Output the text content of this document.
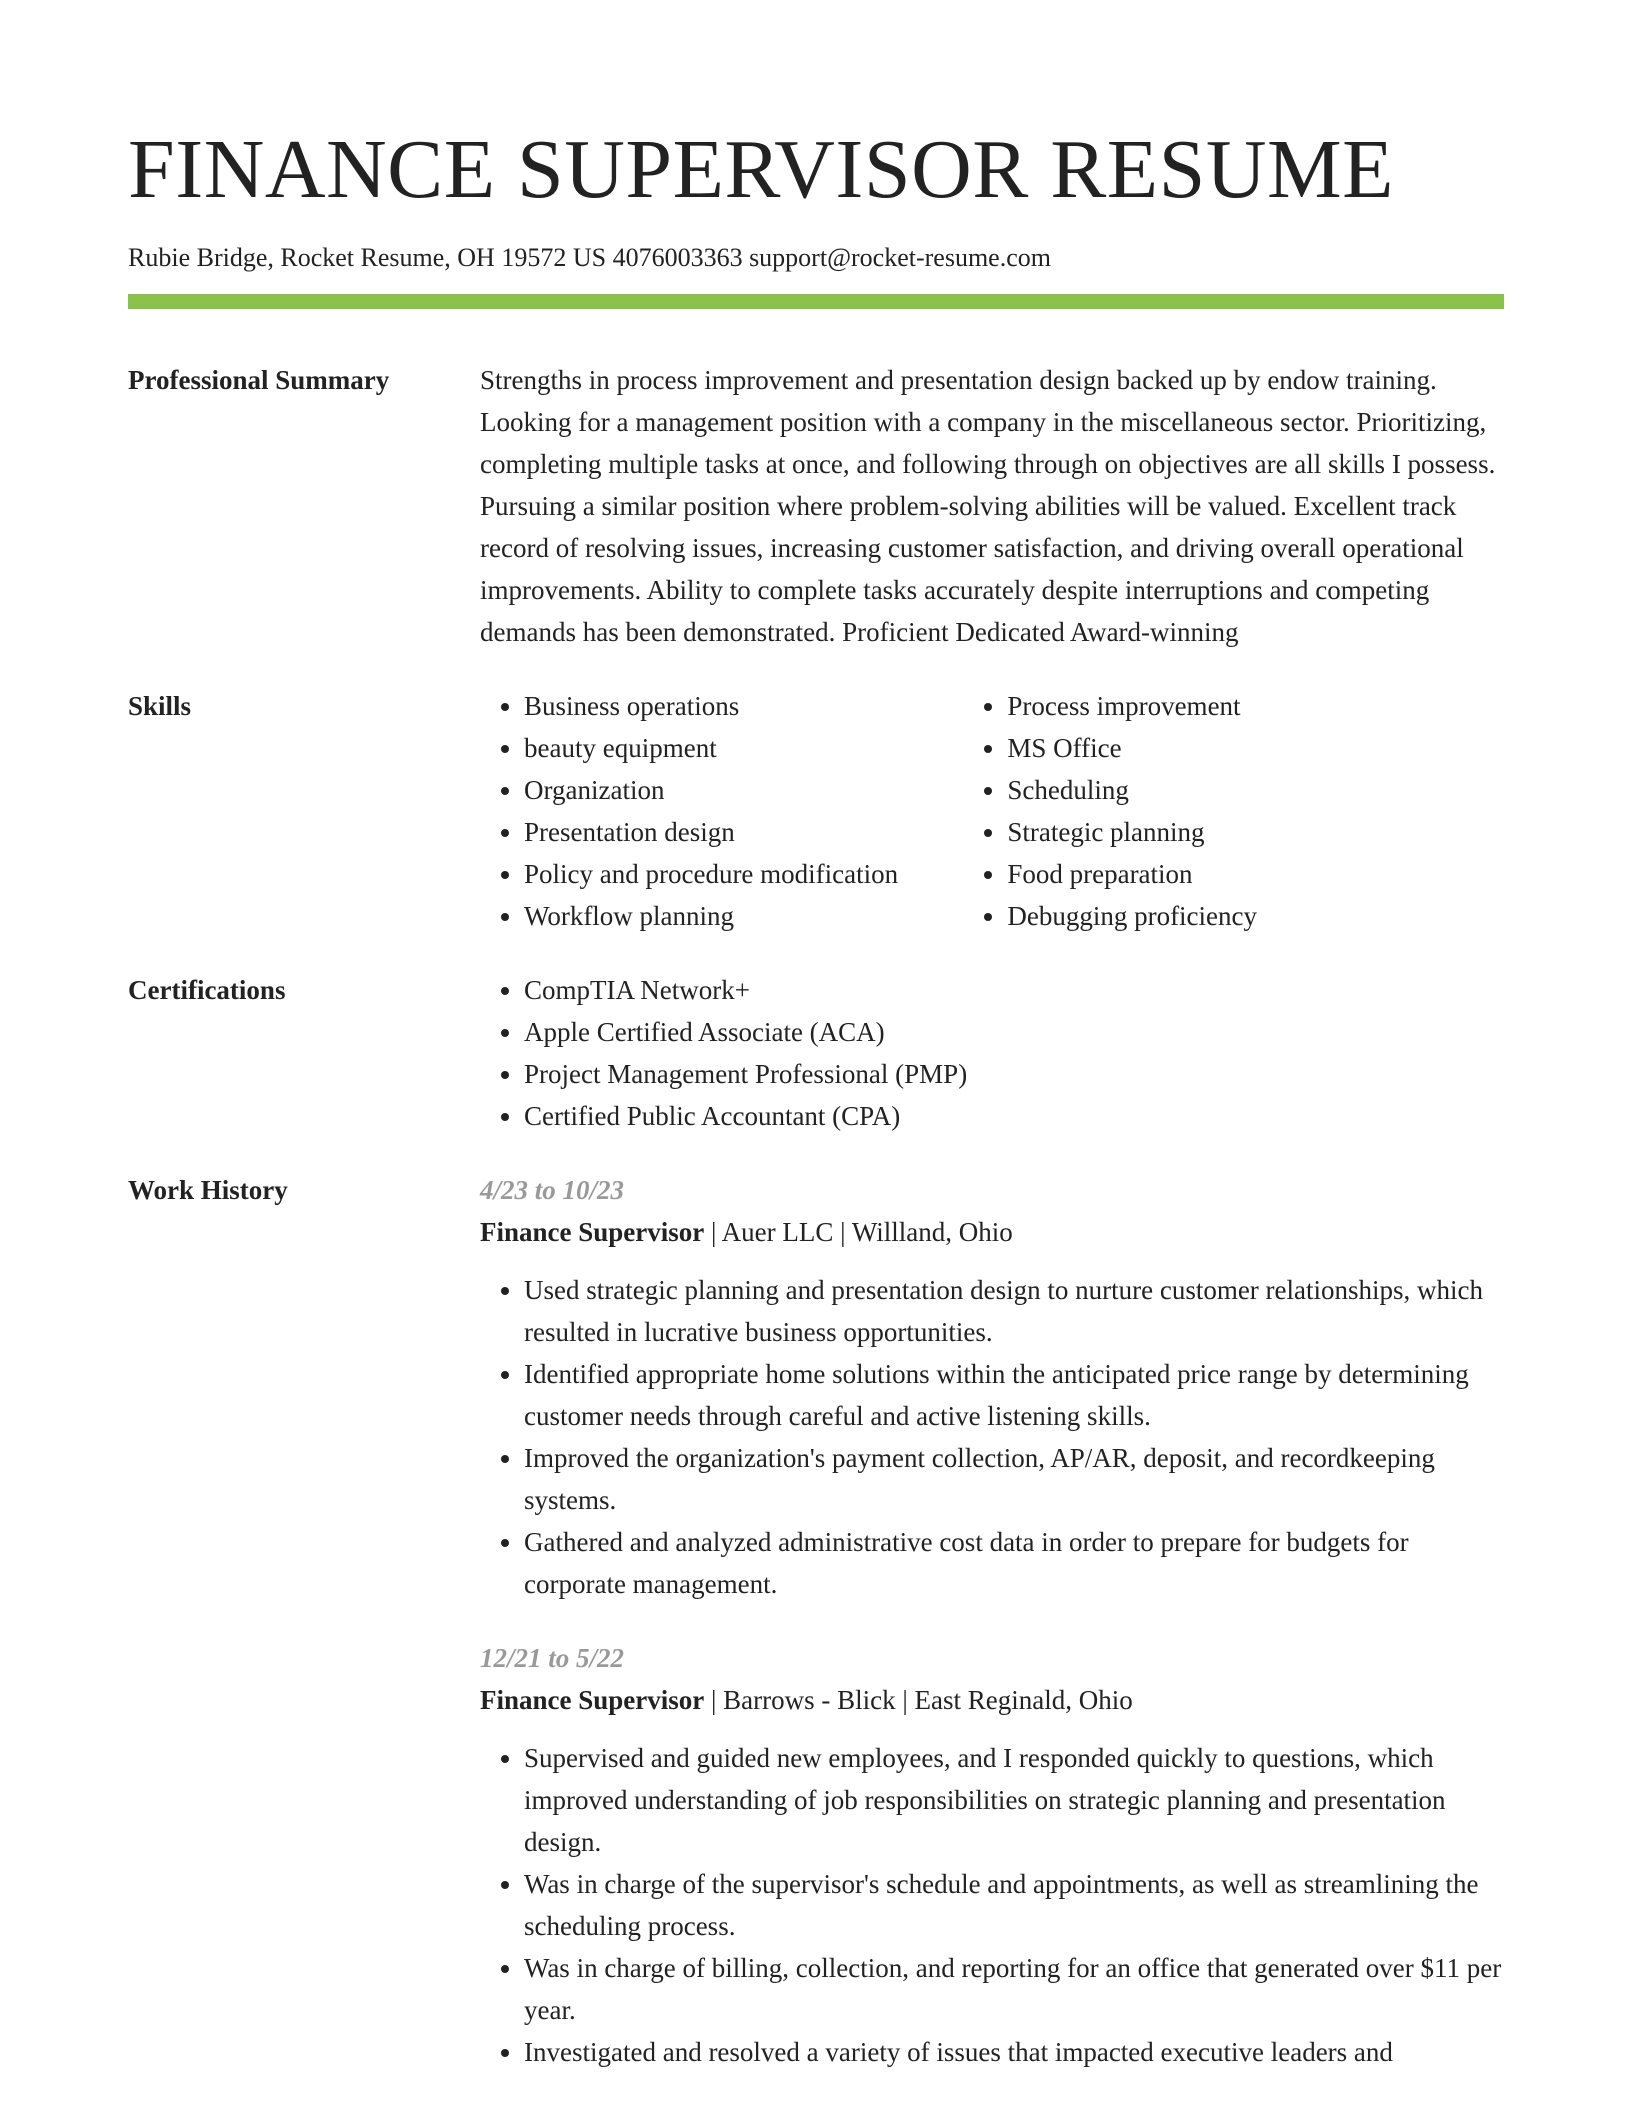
FINANCE SUPERVISOR RESUME
Rubie Bridge, Rocket Resume, OH 19572 US 4076003363 support@rocket-resume.com
Professional Summary	Strengths in process improvement and presentation design backed up by endow training. Looking for a management position with a company in the miscellaneous sector. Prioritizing, completing multiple tasks at once, and following through on objectives are all skills I possess. Pursuing a similar position where problem-solving abilities will be valued. Excellent track record of resolving issues, increasing customer satisfaction, and driving overall operational improvements. Ability to complete tasks accurately despite interruptions and competing demands has been demonstrated. Proficient Dedicated Award-winning
Skills	• Business operations
• beauty equipment
• Organization
• Presentation design
• Policy and procedure modification
• Workflow planning
• Process improvement
• MS Office
• Scheduling
• Strategic planning
• Food preparation
• Debugging proficiency
Certifications	• CompTIA Network+
• Apple Certified Associate (ACA)
• Project Management Professional (PMP)
• Certified Public Accountant (CPA)
Work History	4/23 to 10/23
Finance Supervisor | Auer LLC | Willland, Ohio
• Used strategic planning and presentation design to nurture customer relationships, which resulted in lucrative business opportunities.
• Identified appropriate home solutions within the anticipated price range by determining customer needs through careful and active listening skills.
• Improved the organization's payment collection, AP/AR, deposit, and recordkeeping systems.
• Gathered and analyzed administrative cost data in order to prepare for budgets for corporate management.
12/21 to 5/22
Finance Supervisor | Barrows - Blick | East Reginald, Ohio
• Supervised and guided new employees, and I responded quickly to questions, which improved understanding of job responsibilities on strategic planning and presentation design.
• Was in charge of the supervisor's schedule and appointments, as well as streamlining the scheduling process.
• Was in charge of billing, collection, and reporting for an office that generated over $11 per year.
• Investigated and resolved a variety of issues that impacted executive leaders and
